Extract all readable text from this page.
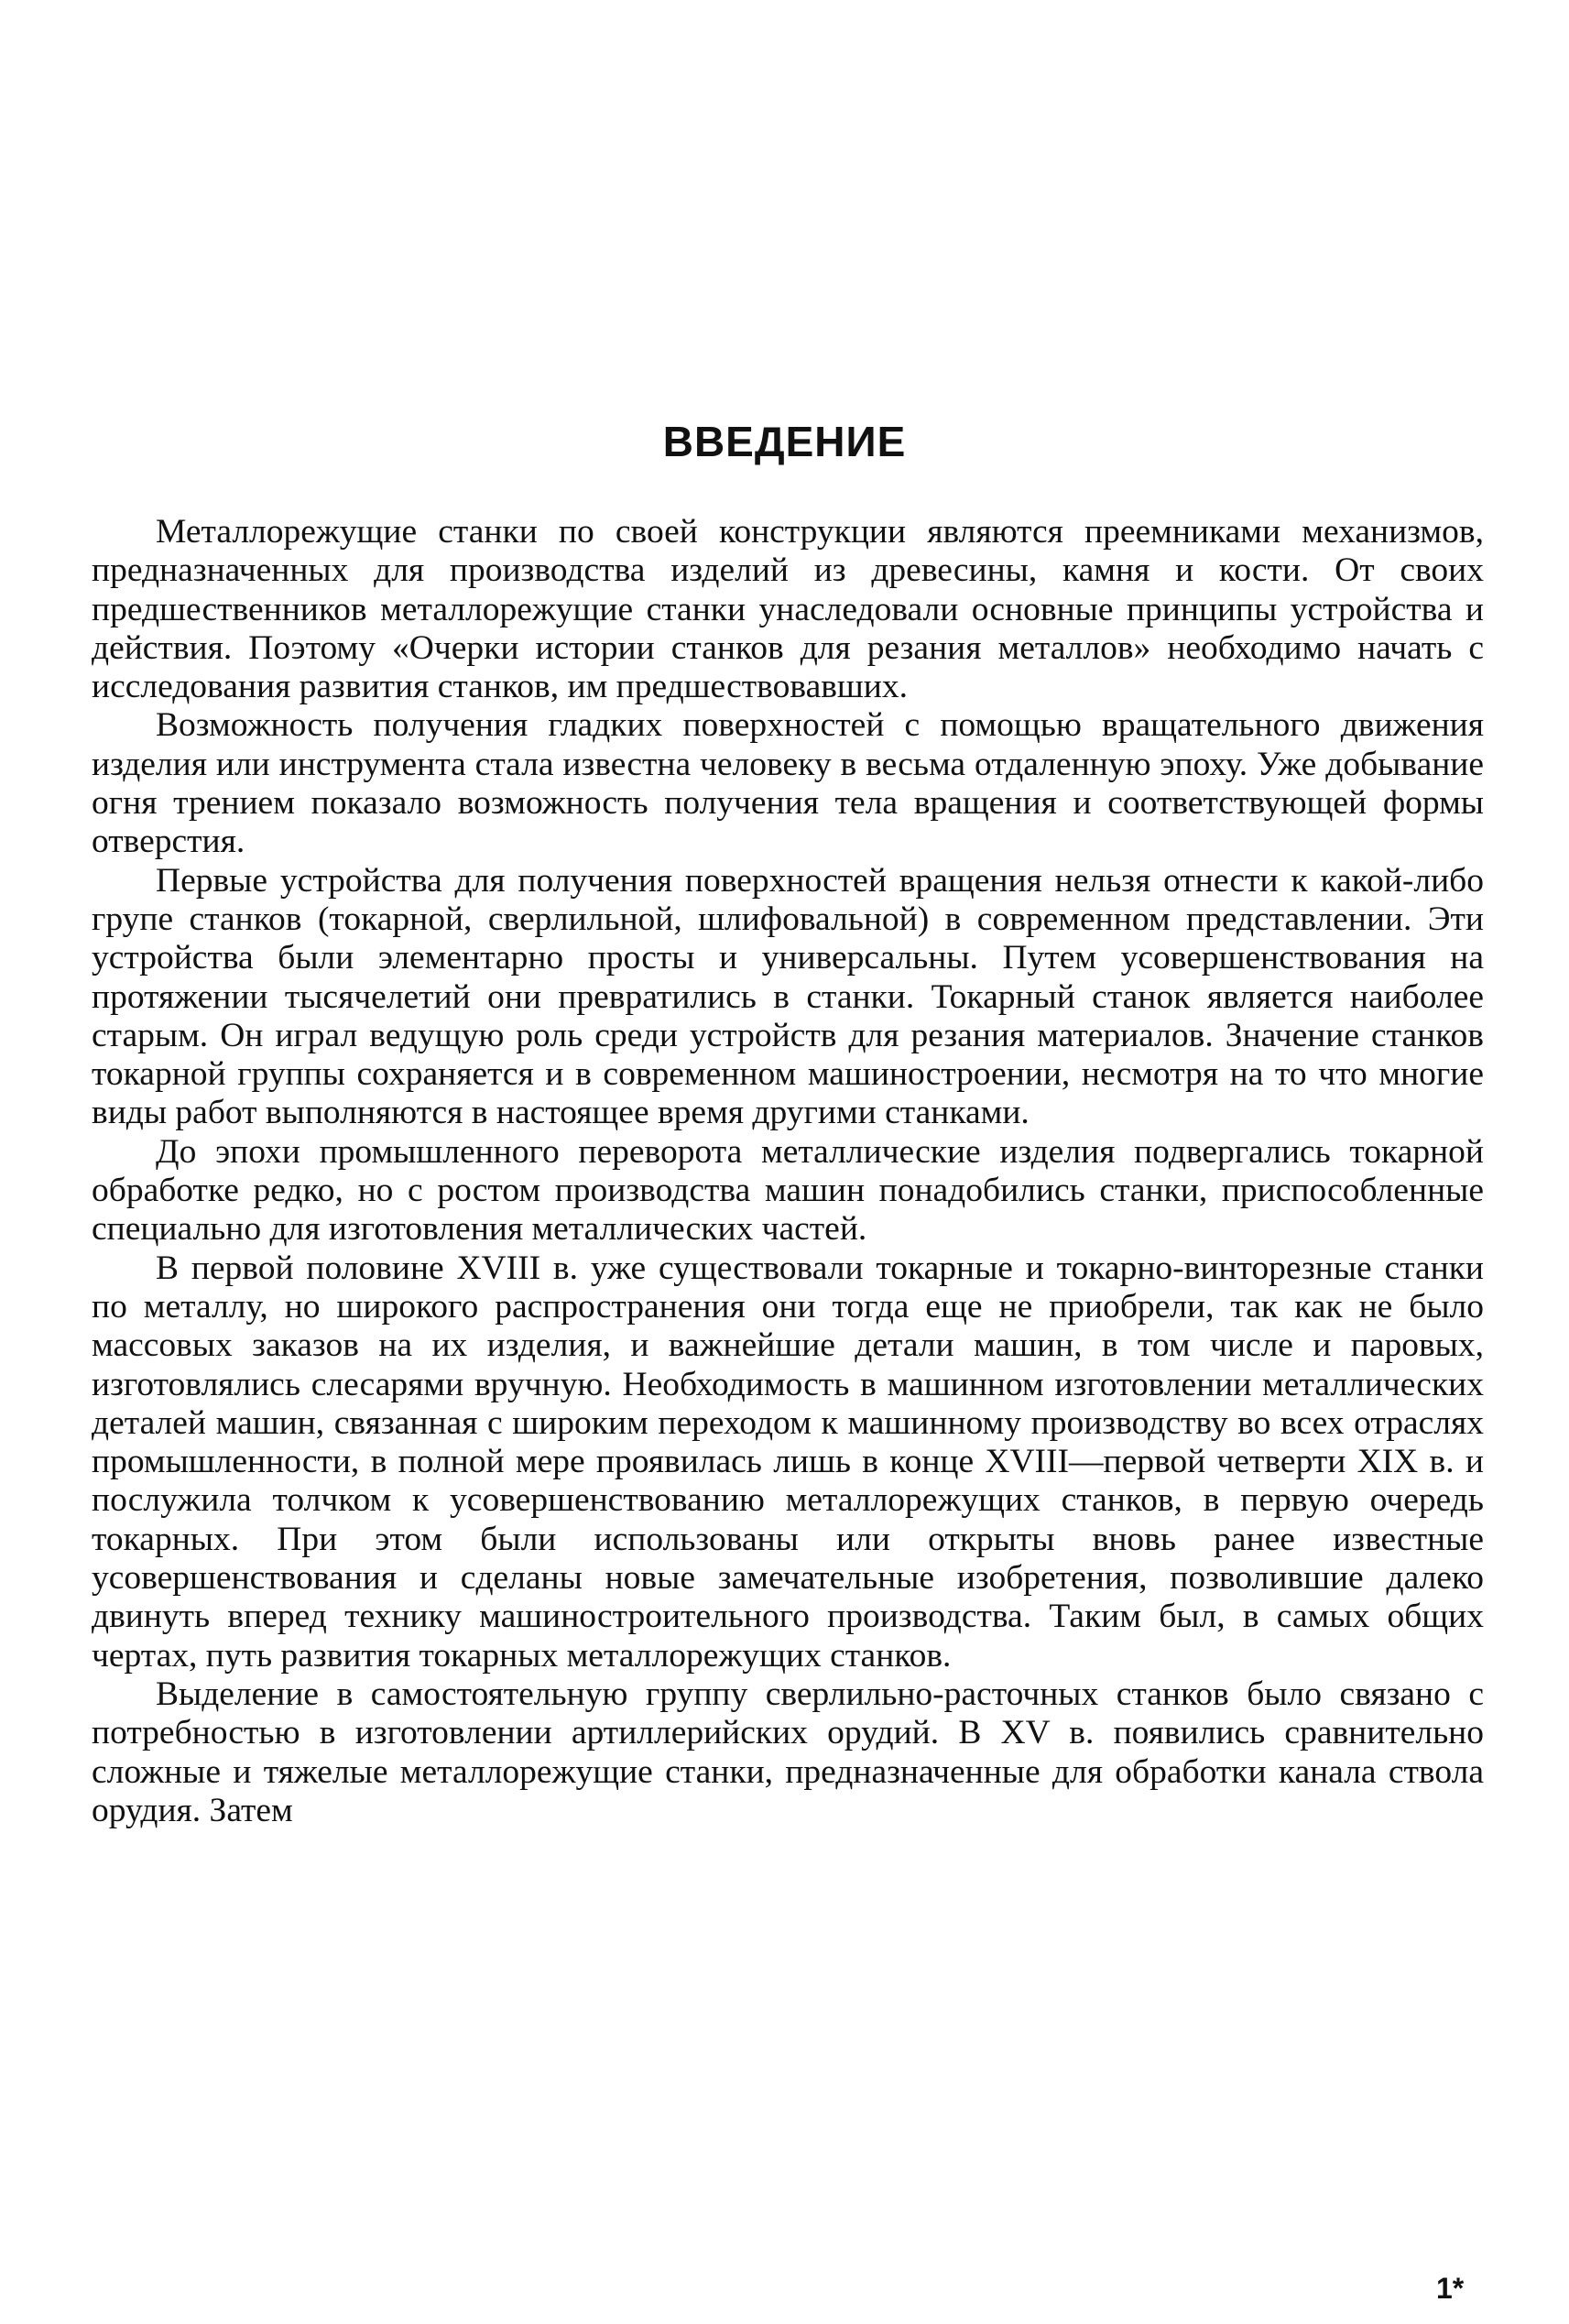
ВВЕДЕНИЕ

Металлорежущие станки по своей конструкции являются преемниками механизмов, предназначенных для производства изделий из древесины, камня и кости. От своих предшественников металлорежущие станки унаследовали основные принципы устройства и действия. Поэтому «Очерки истории станков для резания металлов» необходимо начать с исследования развития станков, им предшествовавших.

Возможность получения гладких поверхностей с помощью вращательного движения изделия или инструмента стала известна человеку в весьма отдаленную эпоху. Уже добывание огня трением показало возможность получения тела вращения и соответствующей формы отверстия.

Первые устройства для получения поверхностей вращения нельзя отнести к какой-либо групе станков (токарной, сверлильной, шлифовальной) в современном представлении. Эти устройства были элементарно просты и универсальны. Путем усовершенствования на протяжении тысячелетий они превратились в станки. Токарный станок является наиболее старым. Он играл ведущую роль среди устройств для резания материалов. Значение станков токарной группы сохраняется и в современном машиностроении, несмотря на то что многие виды работ выполняются в настоящее время другими станками.

До эпохи промышленного переворота металлические изделия подвергались токарной обработке редко, но с ростом производства машин понадобились станки, приспособленные специально для изготовления металлических частей.

В первой половине XVIII в. уже существовали токарные и токарно-винторезные станки по металлу, но широкого распространения они тогда еще не приобрели, так как не было массовых заказов на их изделия, и важнейшие детали машин, в том числе и паровых, изготовлялись слесарями вручную. Необходимость в машинном изготовлении металлических деталей машин, связанная с широким переходом к машинному производству во всех отраслях промышленности, в полной мере проявилась лишь в конце XVIII—первой четверти XIX в. и послужила толчком к усовершенствованию металлорежущих станков, в первую очередь токарных. При этом были использованы или открыты вновь ранее известные усовершенствования и сделаны новые замечательные изобретения, позволившие далеко двинуть вперед технику машиностроительного производства. Таким был, в самых общих чертах, путь развития токарных металлорежущих станков.

Выделение в самостоятельную группу сверлильно-расточных станков было связано с потребностью в изготовлении артиллерийских орудий. В XV в. появились сравнительно сложные и тяжелые металлорежущие станки, предназначенные для обработки канала ствола орудия. Затем

1*
